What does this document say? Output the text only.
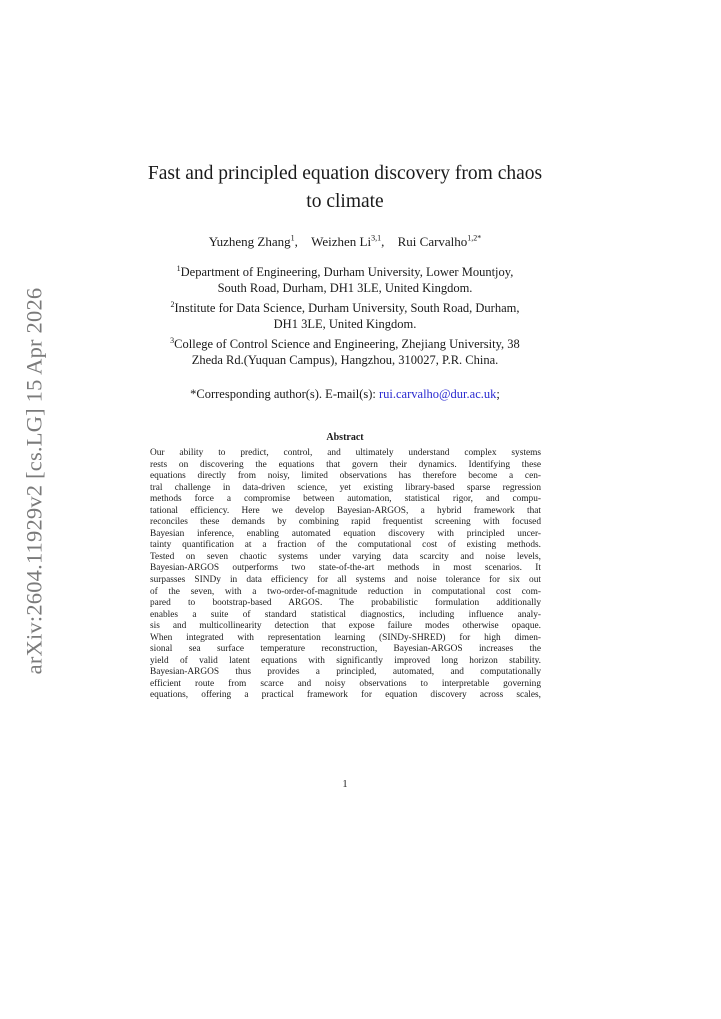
arXiv:2604.11929v2 [cs.LG] 15 Apr 2026
Fast and principled equation discovery from chaos
to climate
Yuzheng Zhang$^1$, Weizhen Li$^{3,1}$, Rui Carvalho$^{1,2*}$
$^1$Department of Engineering, Durham University, Lower Mountjoy,
South Road, Durham, DH1 3LE, United Kingdom.
$^2$Institute for Data Science, Durham University, South Road, Durham,
DH1 3LE, United Kingdom.
$^3$College of Control Science and Engineering, Zhejiang University, 38
Zheda Rd.(Yuquan Campus), Hangzhou, 310027, P.R. China.
*Corresponding author(s). E-mail(s): rui.carvalho@dur.ac.uk;
Abstract
Our ability to predict, control, and ultimately understand complex systems
rests on discovering the equations that govern their dynamics. Identifying these
equations directly from noisy, limited observations has therefore become a cen-
tral challenge in data-driven science, yet existing library-based sparse regression
methods force a compromise between automation, statistical rigor, and compu-
tational efficiency. Here we develop Bayesian-ARGOS, a hybrid framework that
reconciles these demands by combining rapid frequentist screening with focused
Bayesian inference, enabling automated equation discovery with principled uncer-
tainty quantification at a fraction of the computational cost of existing methods.
Tested on seven chaotic systems under varying data scarcity and noise levels,
Bayesian-ARGOS outperforms two state-of-the-art methods in most scenarios. It
surpasses SINDy in data efficiency for all systems and noise tolerance for six out
of the seven, with a two-order-of-magnitude reduction in computational cost com-
pared to bootstrap-based ARGOS. The probabilistic formulation additionally
enables a suite of standard statistical diagnostics, including influence analy-
sis and multicollinearity detection that expose failure modes otherwise opaque.
When integrated with representation learning (SINDy-SHRED) for high dimen-
sional sea surface temperature reconstruction, Bayesian-ARGOS increases the
yield of valid latent equations with significantly improved long horizon stability.
Bayesian-ARGOS thus provides a principled, automated, and computationally
efficient route from scarce and noisy observations to interpretable governing
equations, offering a practical framework for equation discovery across scales,
1
